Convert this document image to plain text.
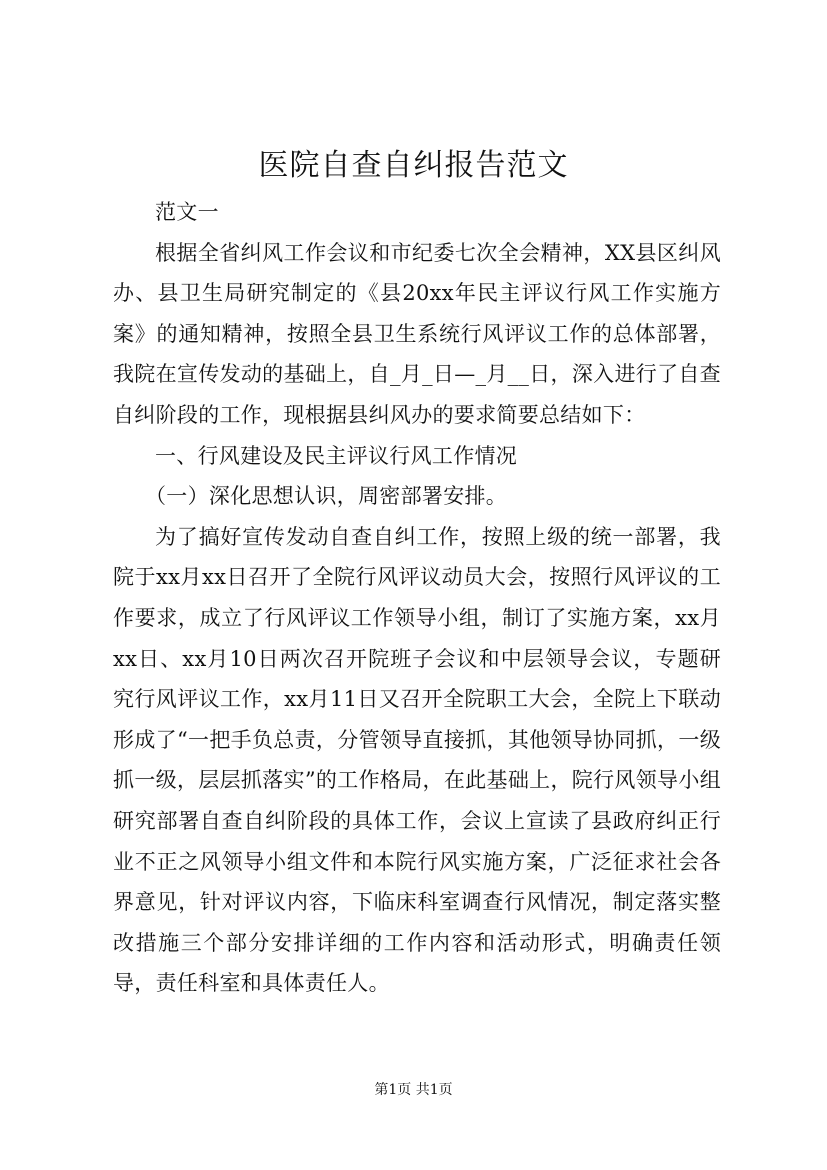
医院自查自纠报告范文

范文一

根据全省纠风工作会议和市纪委七次全会精神，XX县区纠风办、县卫生局研究制定的《县20xx年民主评议行风工作实施方案》的通知精神，按照全县卫生系统行风评议工作的总体部署，我院在宣传发动的基础上，自_月_日—_月__日，深入进行了自查自纠阶段的工作，现根据县纠风办的要求简要总结如下：

一、行风建设及民主评议行风工作情况

（一）深化思想认识，周密部署安排。

为了搞好宣传发动自查自纠工作，按照上级的统一部署，我院于xx月xx日召开了全院行风评议动员大会，按照行风评议的工作要求，成立了行风评议工作领导小组，制订了实施方案，xx月xx日、xx月10日两次召开院班子会议和中层领导会议，专题研究行风评议工作，xx月11日又召开全院职工大会，全院上下联动形成了“一把手负总责，分管领导直接抓，其他领导协同抓，一级抓一级，层层抓落实”的工作格局，在此基础上，院行风领导小组研究部署自查自纠阶段的具体工作，会议上宣读了县政府纠正行业不正之风领导小组文件和本院行风实施方案，广泛征求社会各界意见，针对评议内容，下临床科室调查行风情况，制定落实整改措施三个部分安排详细的工作内容和活动形式，明确责任领导，责任科室和具体责任人。

第1页 共1页
